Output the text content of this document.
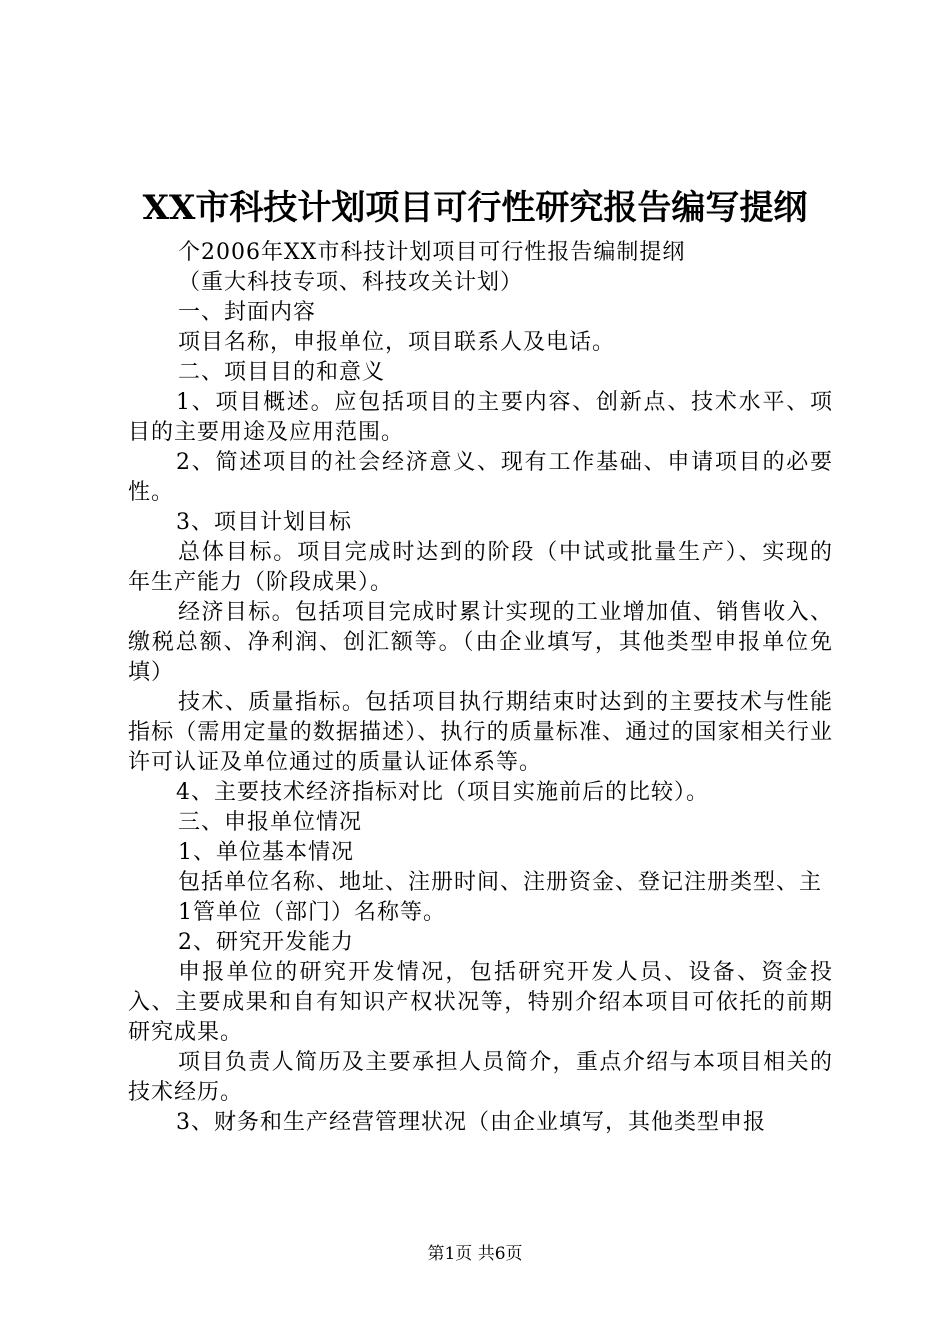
XX市科技计划项目可行性研究报告编写提纲

个2006年XX市科技计划项目可行性报告编制提纲

（重大科技专项、科技攻关计划）

一、封面内容

项目名称，申报单位，项目联系人及电话。

二、项目目的和意义

1、项目概述。应包括项目的主要内容、创新点、技术水平、项目的主要用途及应用范围。

2、简述项目的社会经济意义、现有工作基础、申请项目的必要性。

3、项目计划目标

总体目标。项目完成时达到的阶段（中试或批量生产）、实现的年生产能力（阶段成果）。

经济目标。包括项目完成时累计实现的工业增加值、销售收入、缴税总额、净利润、创汇额等。（由企业填写，其他类型申报单位免填）

技术、质量指标。包括项目执行期结束时达到的主要技术与性能指标（需用定量的数据描述）、执行的质量标准、通过的国家相关行业许可认证及单位通过的质量认证体系等。

4、主要技术经济指标对比（项目实施前后的比较）。

三、申报单位情况

1、单位基本情况

包括单位名称、地址、注册时间、注册资金、登记注册类型、主

1管单位（部门）名称等。

2、研究开发能力

申报单位的研究开发情况，包括研究开发人员、设备、资金投入、主要成果和自有知识产权状况等，特别介绍本项目可依托的前期研究成果。

项目负责人简历及主要承担人员简介，重点介绍与本项目相关的技术经历。

3、财务和生产经营管理状况（由企业填写，其他类型申报

第1页 共6页
